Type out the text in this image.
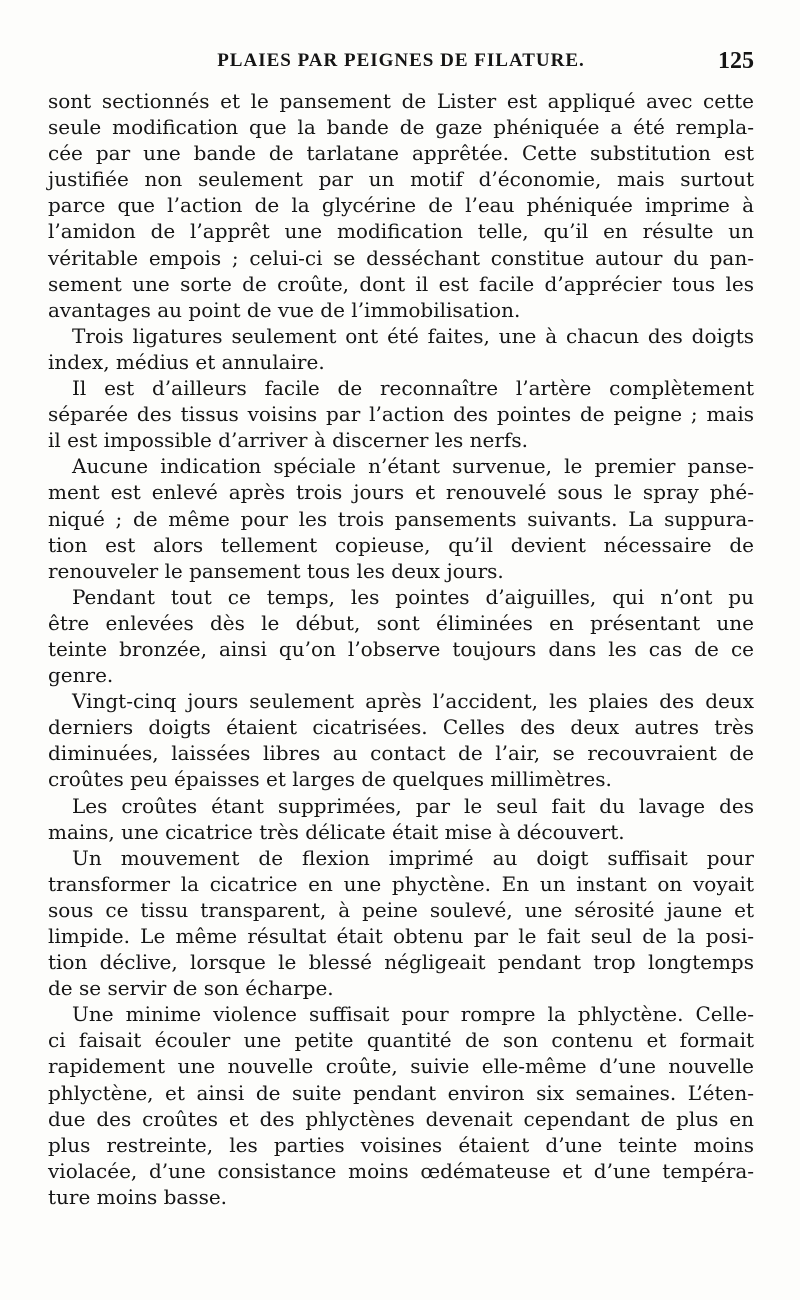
PLAIES PAR PEIGNES DE FILATURE.	125
sont sectionnés et le pansement de Lister est appliqué avec cette
seule modification que la bande de gaze phéniquée a été rempla-
cée par une bande de tarlatane apprêtée. Cette substitution est
justifiée non seulement par un motif d’économie, mais surtout
parce que l’action de la glycérine de l’eau phéniquée imprime à
l’amidon de l’apprêt une modification telle, qu’il en résulte un
véritable empois ; celui-ci se desséchant constitue autour du pan-
sement une sorte de croûte, dont il est facile d’apprécier tous les
avantages au point de vue de l’immobilisation.
Trois ligatures seulement ont été faites, une à chacun des doigts
index, médius et annulaire.
Il est d’ailleurs facile de reconnaître l’artère complètement
séparée des tissus voisins par l’action des pointes de peigne ; mais
il est impossible d’arriver à discerner les nerfs.
Aucune indication spéciale n’étant survenue, le premier panse-
ment est enlevé après trois jours et renouvelé sous le spray phé-
niqué ; de même pour les trois pansements suivants. La suppura-
tion est alors tellement copieuse, qu’il devient nécessaire de
renouveler le pansement tous les deux jours.
Pendant tout ce temps, les pointes d’aiguilles, qui n’ont pu
être enlevées dès le début, sont éliminées en présentant une
teinte bronzée, ainsi qu’on l’observe toujours dans les cas de ce
genre.
Vingt-cinq jours seulement après l’accident, les plaies des deux
derniers doigts étaient cicatrisées. Celles des deux autres très
diminuées, laissées libres au contact de l’air, se recouvraient de
croûtes peu épaisses et larges de quelques millimètres.
Les croûtes étant supprimées, par le seul fait du lavage des
mains, une cicatrice très délicate était mise à découvert.
Un mouvement de flexion imprimé au doigt suffisait pour
transformer la cicatrice en une phyctène. En un instant on voyait
sous ce tissu transparent, à peine soulevé, une sérosité jaune et
limpide. Le même résultat était obtenu par le fait seul de la posi-
tion déclive, lorsque le blessé négligeait pendant trop longtemps
de se servir de son écharpe.
Une minime violence suffisait pour rompre la phlyctène. Celle-
ci faisait écouler une petite quantité de son contenu et formait
rapidement une nouvelle croûte, suivie elle-même d’une nouvelle
phlyctène, et ainsi de suite pendant environ six semaines. L’éten-
due des croûtes et des phlyctènes devenait cependant de plus en
plus restreinte, les parties voisines étaient d’une teinte moins
violacée, d’une consistance moins œdémateuse et d’une tempéra-
ture moins basse.
